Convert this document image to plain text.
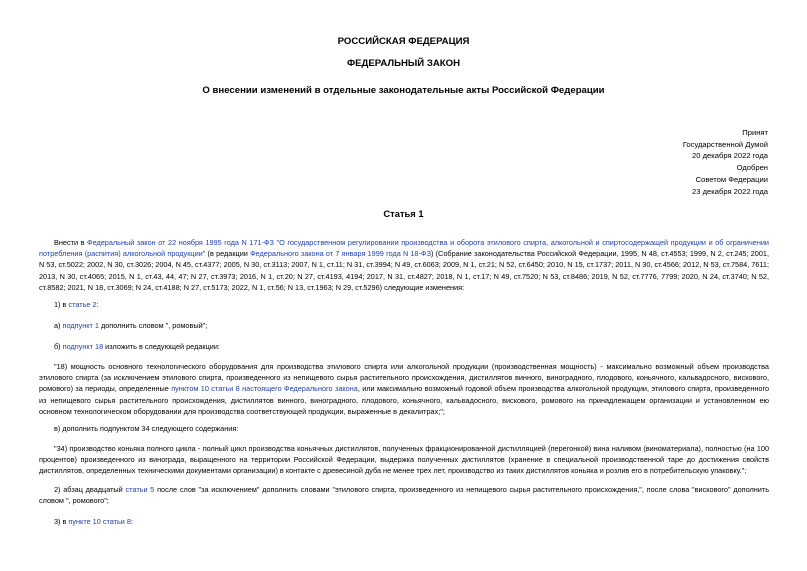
РОССИЙСКАЯ ФЕДЕРАЦИЯ
ФЕДЕРАЛЬНЫЙ ЗАКОН
О внесении изменений в отдельные законодательные акты Российской Федерации
Принят
Государственной Думой
20 декабря 2022 года
Одобрен
Советом Федерации
23 декабря 2022 года
Статья 1
Внести в Федеральный закон от 22 ноября 1995 года N 171-ФЗ "О государственном регулировании производства и оборота этилового спирта, алкогольной и спиртосодержащей продукции и об ограничении потребления (распития) алкогольной продукции" (в редакции Федерального закона от 7 января 1999 года N 18-ФЗ) (Собрание законодательства Российской Федерации, 1995, N 48, ст.4553; 1999, N 2, ст.245; 2001, N 53, ст.5022; 2002, N 30, ст.3026; 2004, N 45, ст.4377; 2005, N 30, ст.3113; 2007, N 1, ст.11; N 31, ст.3994; N 49, ст.6063; 2009, N 1, ст.21; N 52, ст.6450; 2010, N 15, ст.1737; 2011, N 30, ст.4566; 2012, N 53, ст.7584, 7611; 2013, N 30, ст.4065; 2015, N 1, ст.43, 44, 47; N 27, ст.3973; 2016, N 1, ст.20; N 27, ст.4193, 4194; 2017, N 31, ст.4827; 2018, N 1, ст.17; N 49, ст.7520; N 53, ст.8486; 2019, N 52, ст.7776, 7799; 2020, N 24, ст.3740; N 52, ст.8582; 2021, N 18, ст.3069; N 24, ст.4188; N 27, ст.5173; 2022, N 1, ст.56; N 13, ст.1963; N 29, ст.5296) следующие изменения:
1) в статье 2:
а) подпункт 1 дополнить словом ", ромовый";
б) подпункт 18 изложить в следующей редакции:
"18) мощность основного технологического оборудования для производства этилового спирта или алкогольной продукции (производственная мощность) - максимально возможный объем производства этилового спирта (за исключением этилового спирта, произведенного из непищевого сырья растительного происхождения, дистиллятов винного, виноградного, плодового, коньячного, кальвадосного, вискового, ромового) за периоды, определенные пунктом 10 статьи 8 настоящего Федерального закона, или максимально возможный годовой объем производства алкогольной продукции, этилового спирта, произведенного из непищевого сырья растительного происхождения, дистиллятов винного, виноградного, плодового, коньячного, кальвадосного, вискового, ромового на принадлежащем организации и установленном ею основном технологическом оборудовании для производства соответствующей продукции, выраженные в декалитрах;";
в) дополнить подпунктом 34 следующего содержания:
"34) производство коньяка полного цикла - полный цикл производства коньячных дистиллятов, полученных фракционированной дистилляцией (перегонкой) вина наливом (виноматериала), полностью (на 100 процентов) произведенного из винограда, выращенного на территории Российской Федерации, выдержка полученных дистиллятов (хранение в специальной производственной таре до достижения свойств дистиллятов, определенных техническими документами организации) в контакте с древесиной дуба не менее трех лет, производство из таких дистиллятов коньяка и розлив его в потребительскую упаковку.";
2) абзац двадцатый статьи 5 после слов "за исключением" дополнить словами "этилового спирта, произведенного из непищевого сырья растительного происхождения,", после слова "вискового" дополнить словом ", ромового";
3) в пункте 10 статьи 8:
